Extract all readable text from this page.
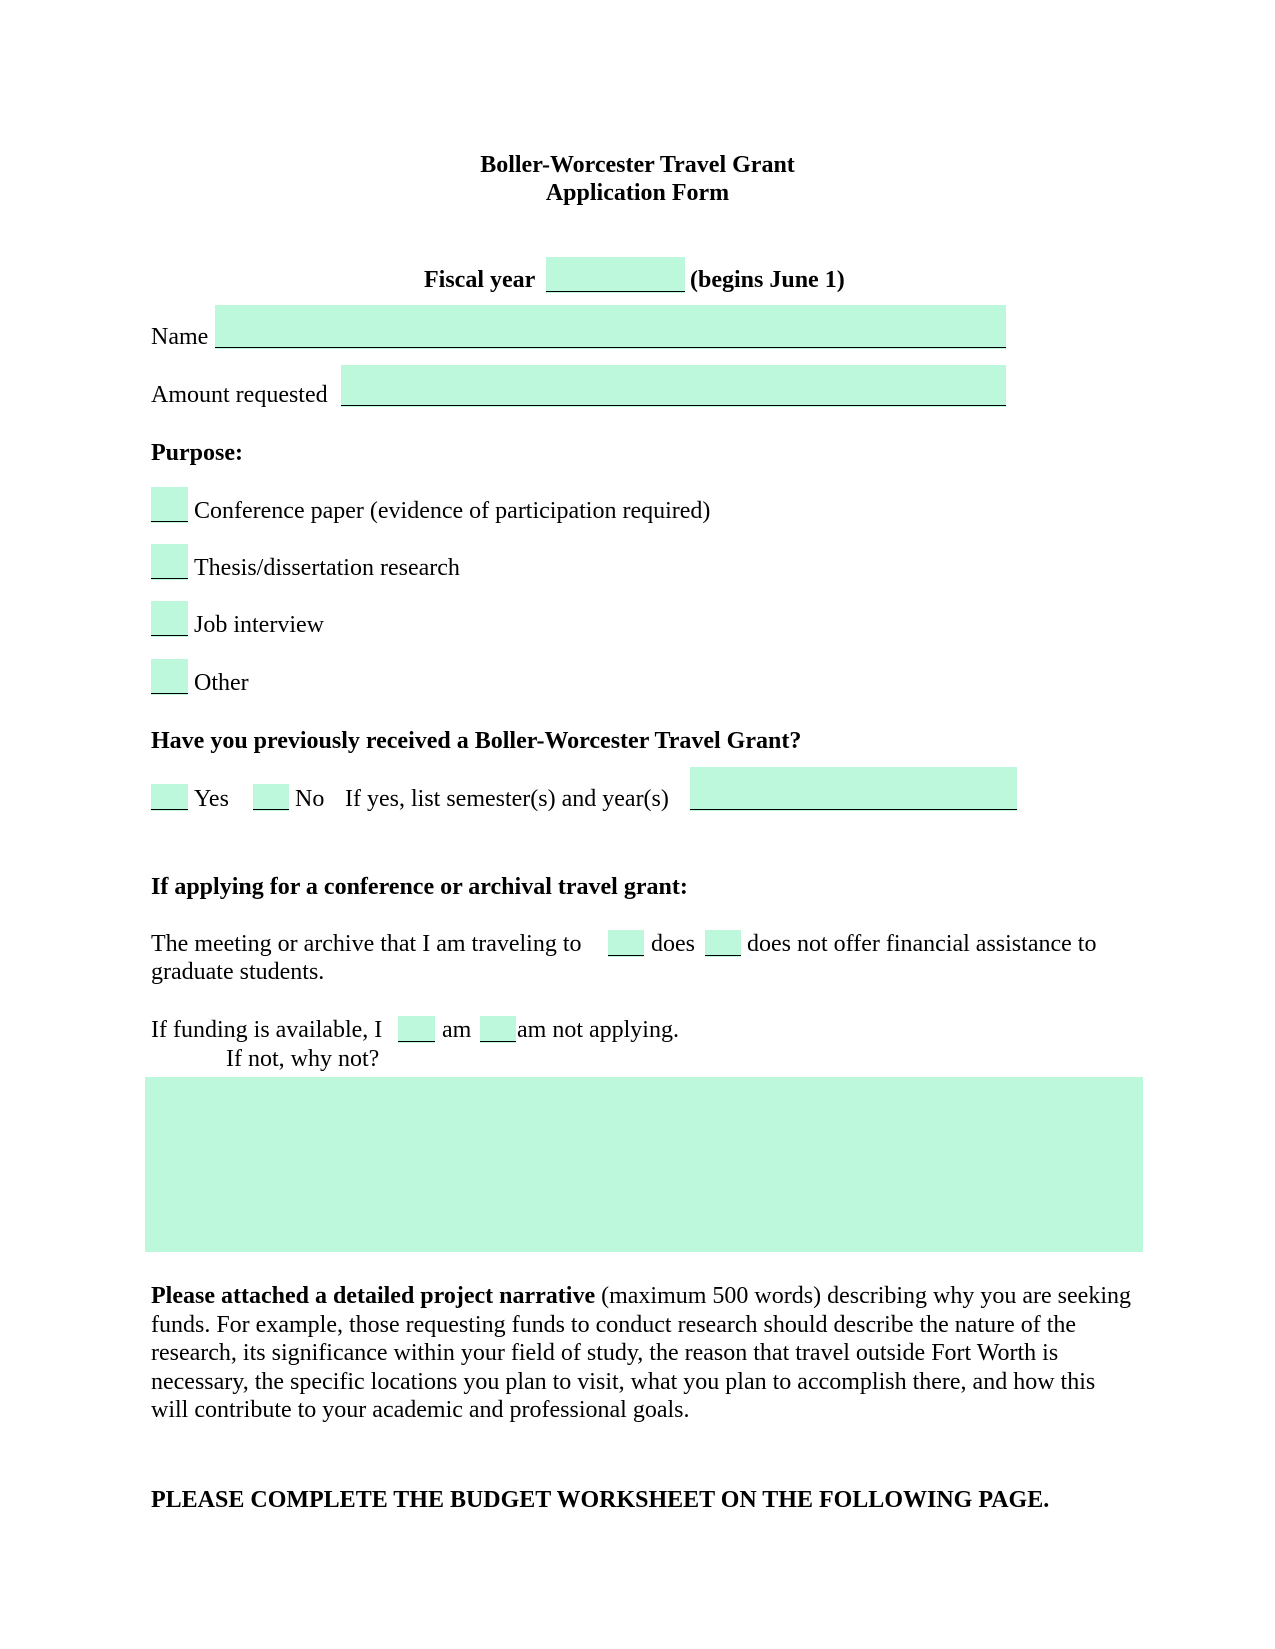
Boller-Worcester Travel Grant
Application Form
Fiscal year	(begins June 1)
Name
Amount requested
Purpose:
Conference paper (evidence of participation required)
Thesis/dissertation research
Job interview
Other
Have you previously received a Boller-Worcester Travel Grant?
Yes	No If yes, list semester(s) and year(s)
If applying for a conference or archival travel grant:
The meeting or archive that I am traveling to	does does not offer financial assistance to
graduate students.
If funding is available, I am am not applying.
If not, why not?
Please attached a detailed project narrative (maximum 500 words) describing why you are seeking funds. For example, those requesting funds to conduct research should describe the nature of the research, its significance within your field of study, the reason that travel outside Fort Worth is necessary, the specific locations you plan to visit, what you plan to accomplish there, and how this will contribute to your academic and professional goals.
PLEASE COMPLETE THE BUDGET WORKSHEET ON THE FOLLOWING PAGE.
